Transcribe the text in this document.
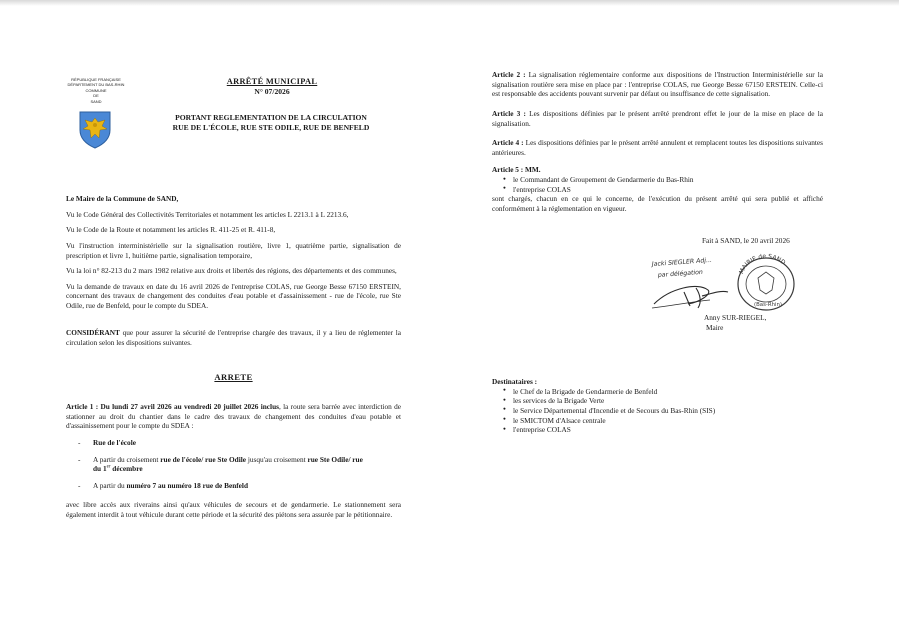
RÉPUBLIQUE FRANÇAISE
DÉPARTEMENT DU BAS-RHIN
COMMUNE
DE
SAND
ARRÊTÉ MUNICIPAL
N° 07/2026
PORTANT REGLEMENTATION DE LA CIRCULATION
RUE DE L'ÉCOLE, RUE STE ODILE, RUE DE BENFELD

Le Maire de la Commune de SAND,

Vu le Code Général des Collectivités Territoriales et notamment les articles L 2213.1 à L 2213.6,

Vu le Code de la Route et notamment les articles R. 411-25 et R. 411-8,

Vu l'instruction interministérielle sur la signalisation routière, livre 1, quatrième partie, signalisation de prescription et livre 1, huitième partie, signalisation temporaire,

Vu la loi n° 82-213 du 2 mars 1982 relative aux droits et libertés des régions, des départements et des communes,

Vu la demande de travaux en date du 16 avril 2026 de l'entreprise COLAS, rue George Besse 67150 ERSTEIN, concernant des travaux de changement des conduites d'eau potable et d'assainissement - rue de l'école, rue Ste Odile, rue de Benfeld, pour le compte du SDEA.

CONSIDÉRANT que pour assurer la sécurité de l'entreprise chargée des travaux, il y a lieu de réglementer la circulation selon les dispositions suivantes.

ARRETE

Article 1 : Du lundi 27 avril 2026 au vendredi 20 juillet 2026 inclus, la route sera barrée avec interdiction de stationner au droit du chantier dans le cadre des travaux de changement des conduites d'eau potable et d'assainissement pour le compte du SDEA :

- Rue de l'école

- A partir du croisement rue de l'école/ rue Ste Odile jusqu'au croisement rue Ste Odile/ rue
du 1er décembre

- A partir du numéro 7 au numéro 18 rue de Benfeld

avec libre accès aux riverains ainsi qu'aux véhicules de secours et de gendarmerie. Le stationnement sera également interdit à tout véhicule durant cette période et la sécurité des piétons sera assurée par le pétitionnaire.

Article 2 : La signalisation réglementaire conforme aux dispositions de l'Instruction Interministérielle sur la signalisation routière sera mise en place par : l'entreprise COLAS, rue George Besse 67150 ERSTEIN. Celle-ci est responsable des accidents pouvant survenir par défaut ou insuffisance de cette signalisation.

Article 3 : Les dispositions définies par le présent arrêté prendront effet le jour de la mise en place de la signalisation.

Article 4 : Les dispositions définies par le présent arrêté annulent et remplacent toutes les dispositions suivantes antérieures.

Article 5 : MM.

● le Commandant de Groupement de Gendarmerie du Bas-Rhin

● l'entreprise COLAS

sont chargés, chacun en ce qui le concerne, de l'exécution du présent arrêté qui sera publié et affiché conformément à la réglementation en vigueur.

Fait à SAND, le 20 avril 2026
Jacki SIEGLER Adj...
par délégation	MAIRIE de SAND
(Bas-Rhin)
Anny SUR-RIEGEL,
Maire

Destinataires :

● le Chef de la Brigade de Gendarmerie de Benfeld

● les services de la Brigade Verte

● le Service Départemental d'Incendie et de Secours du Bas-Rhin (SIS)

● le SMICTOM d'Alsace centrale

● l'entreprise COLAS
